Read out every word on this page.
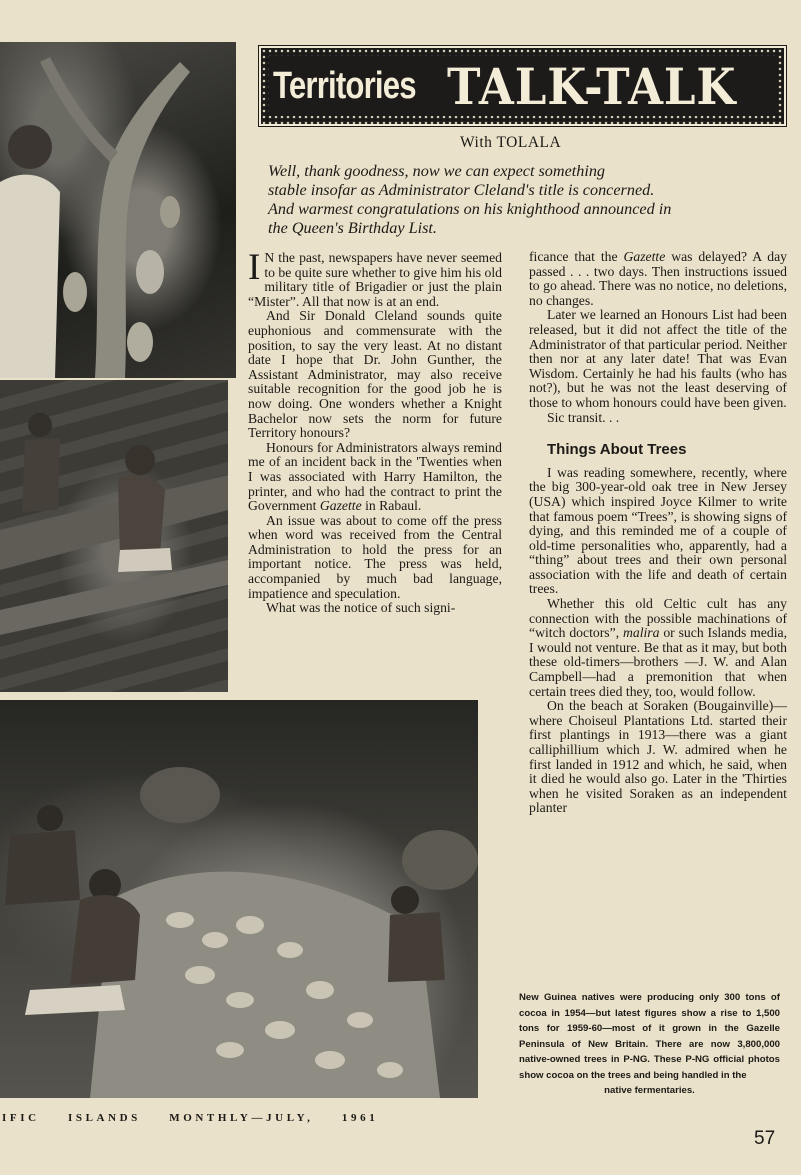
Territories TALK-TALK
With TOLALA

Well, thank goodness, now we can expect something

stable insofar as Administrator Cleland's title is concerned.

And warmest congratulations on his knighthood announced in

the Queen's Birthday List.

I N the past, newspapers have never seemed to be quite sure whether to give him his old military title of Brigadier or just the plain “Mister”. All that now is at an end.

And Sir Donald Cleland sounds quite euphonious and commensurate with the position, to say the very least. At no distant date I hope that Dr. John Gunther, the Assistant Administrator, may also receive suitable recognition for the good job he is now doing. One wonders whether a Knight Bachelor now sets the norm for future Territory honours?

Honours for Administrators always remind me of an incident back in the 'Twenties when I was associated with Harry Hamilton, the printer, and who had the contract to print the Government Gazette in Rabaul.

An issue was about to come off the press when word was received from the Central Administration to hold the press for an important notice. The press was held, accompanied by much bad language, impatience and speculation.

What was the notice of such signi-

ficance that the Gazette was delayed? A day passed . . . two days. Then instructions issued to go ahead. There was no notice, no deletions, no changes.

Later we learned an Honours List had been released, but it did not affect the title of the Administrator of that particular period. Neither then nor at any later date! That was Evan Wisdom. Certainly he had his faults (who has not?), but he was not the least deserving of those to whom honours could have been given.

Sic transit. . .

Things About Trees

I was reading somewhere, recently, where the big 300-year-old oak tree in New Jersey (USA) which inspired Joyce Kilmer to write that famous poem “Trees”, is showing signs of dying, and this reminded me of a couple of old-time personalities who, apparently, had a “thing” about trees and their own personal association with the life and death of certain trees.

Whether this old Celtic cult has any connection with the possible machinations of “witch doctors”, malira or such Islands media, I would not venture. Be that as it may, but both these old-timers—brothers —J. W. and Alan Campbell—had a premonition that when certain trees died they, too, would follow.

On the beach at Soraken (Bougainville)—where Choiseul Plantations Ltd. started their first plantings in 1913—there was a giant calliphillium which J. W. admired when he first landed in 1912 and which, he said, when it died he would also go. Later in the 'Thirties when he visited Soraken as an independent planter

New Guinea natives were producing only 300 tons of cocoa in 1954—but latest figures show a rise to 1,500 tons for 1959-60—most of it grown in the Gazelle Peninsula of New Britain. There are now 3,800,000 native-owned trees in P-NG. These P-NG official photos show cocoa on the trees and being handled in the
native fermentaries.
IFIC	ISLANDS	MONTHLY—JULY,	1961
57
